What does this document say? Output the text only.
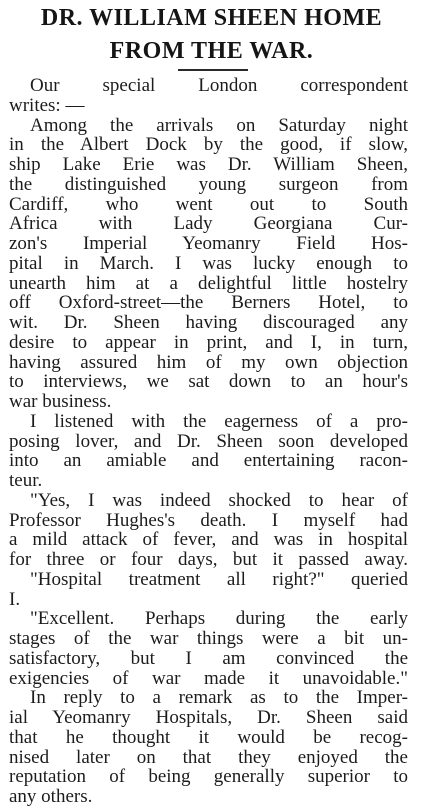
DR. WILLIAM SHEEN HOME
FROM THE WAR.
Our special London correspondent
writes: —
Among the arrivals on Saturday night
in the Albert Dock by the good, if slow,
ship Lake Erie was Dr. William Sheen,
the distinguished young surgeon from
Cardiff, who went out to South
Africa with Lady Georgiana Cur-
zon's Imperial Yeomanry Field Hos-
pital in March. I was lucky enough to
unearth him at a delightful little hostelry
off Oxford-street—the Berners Hotel, to
wit. Dr. Sheen having discouraged any
desire to appear in print, and I, in turn,
having assured him of my own objection
to interviews, we sat down to an hour's
war business.
I listened with the eagerness of a pro-
posing lover, and Dr. Sheen soon developed
into an amiable and entertaining racon-
teur.
"Yes, I was indeed shocked to hear of
Professor Hughes's death. I myself had
a mild attack of fever, and was in hospital
for three or four days, but it passed away.
"Hospital treatment all right?" queried
I.
"Excellent. Perhaps during the early
stages of the war things were a bit un-
satisfactory, but I am convinced the
exigencies of war made it unavoidable."
In reply to a remark as to the Imper-
ial Yeomanry Hospitals, Dr. Sheen said
that he thought it would be recog-
nised later on that they enjoyed the
reputation of being generally superior to
any others.
